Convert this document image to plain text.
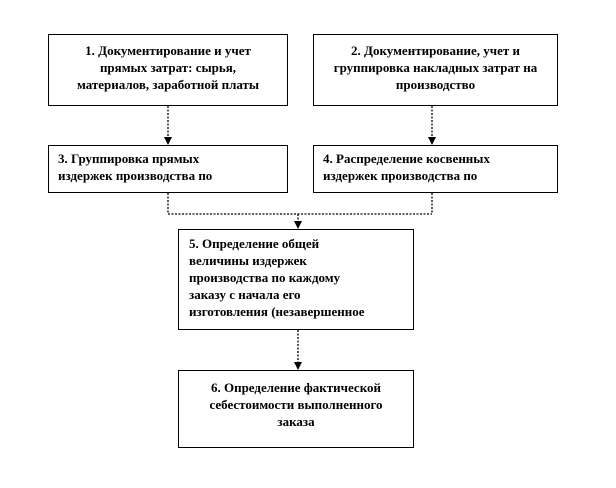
1. Документирование и учет
прямых затрат: сырья,
материалов, заработной платы
2. Документирование, учет и
группировка накладных затрат на
производство
3. Группировка прямых
издержек производства по
4. Распределение косвенных
издержек производства по
5. Определение общей
величины издержек
производства по каждому
заказу с начала его
изготовления (незавершенное
6. Определение фактической
себестоимости выполненного
заказа
